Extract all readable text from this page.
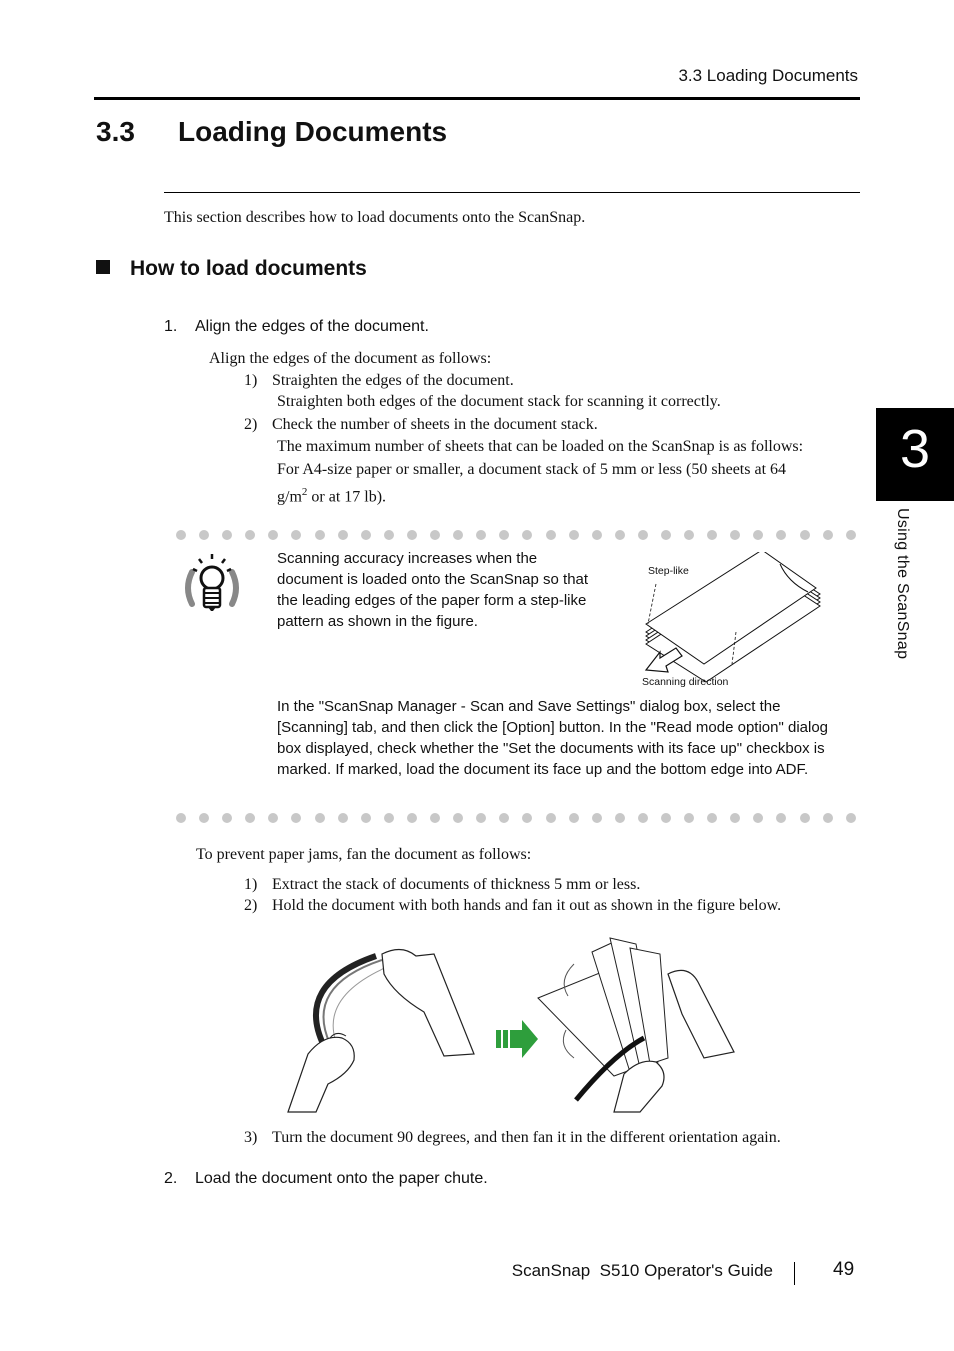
3.3 Loading Documents
3.3 Loading Documents
This section describes how to load documents onto the ScanSnap.
How to load documents
1. Align the edges of the document.
Align the edges of the document as follows:
1) Straighten the edges of the document.
Straighten both edges of the document stack for scanning it correctly.
2) Check the number of sheets in the document stack.
The maximum number of sheets that can be loaded on the ScanSnap is as follows:
For A4-size paper or smaller, a document stack of 5 mm or less (50 sheets at 64
$g/m^2$ or at 17 lb).
Scanning accuracy increases when the document is loaded onto the ScanSnap so that the leading edges of the paper form a step-like pattern as shown in the figure.
Step-like
Scanning direction
In the "ScanSnap Manager - Scan and Save Settings" dialog box, select the [Scanning] tab, and then click the [Option] button. In the "Read mode option" dialog box displayed, check whether the "Set the documents with its face up" checkbox is marked. If marked, load the document its face up and the bottom edge into ADF.
To prevent paper jams, fan the document as follows:
1) Extract the stack of documents of thickness 5 mm or less.
2) Hold the document with both hands and fan it out as shown in the figure below.
3) Turn the document 90 degrees, and then fan it in the different orientation again.
2. Load the document onto the paper chute.
3
Using the ScanSnap
ScanSnap  S510 Operator's Guide	49
